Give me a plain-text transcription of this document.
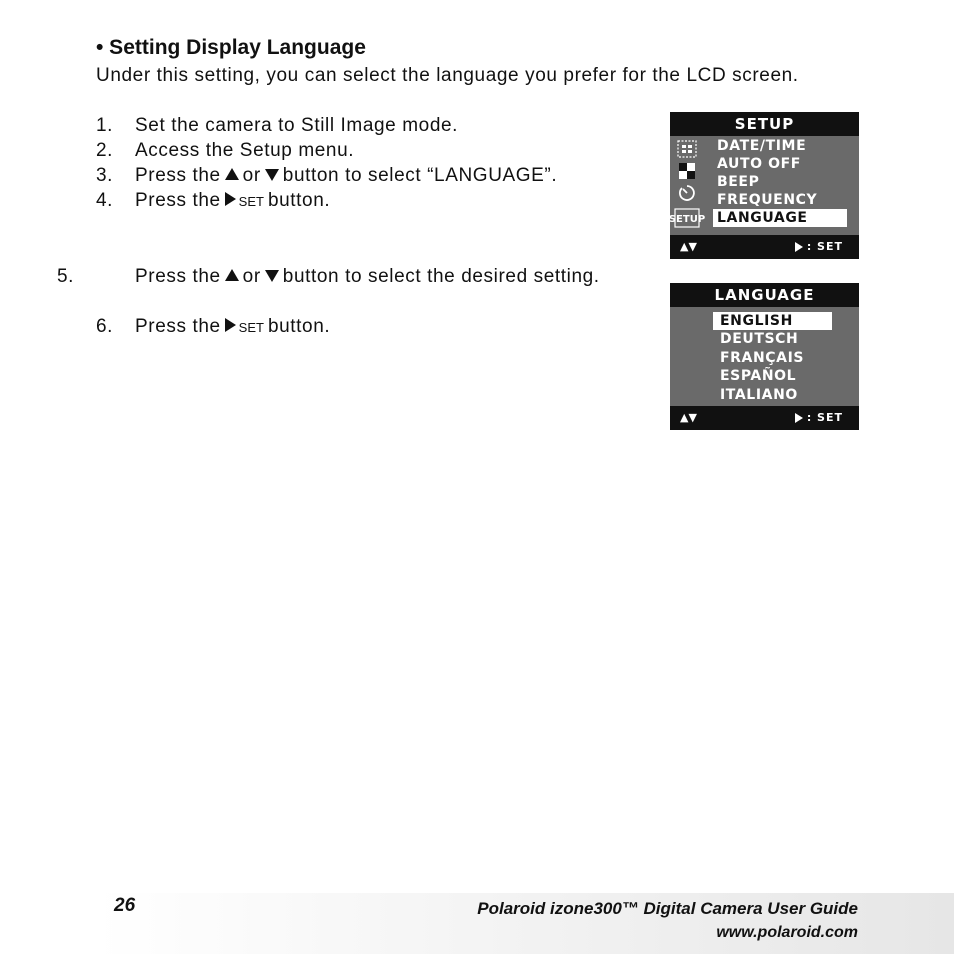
• Setting Display Language
Under this setting, you can select the language you prefer for the LCD screen.
1. Set the camera to Still Image mode.
2. Access the Setup menu.
3. Press the or button to select “LANGUAGE”.
4. Press the SET button.
5.	Press the or button to select the desired setting.
6. Press the SET button.
SETUP
SETUP
DATE/TIME
AUTO OFF
BEEP
FREQUENCY
LANGUAGE
▲▼	: SET
LANGUAGE
ENGLISH
DEUTSCH
FRANÇAIS
ESPAÑOL
ITALIANO
▲▼	: SET
26	Polaroid izone300™ Digital Camera User Guide
www.polaroid.com
